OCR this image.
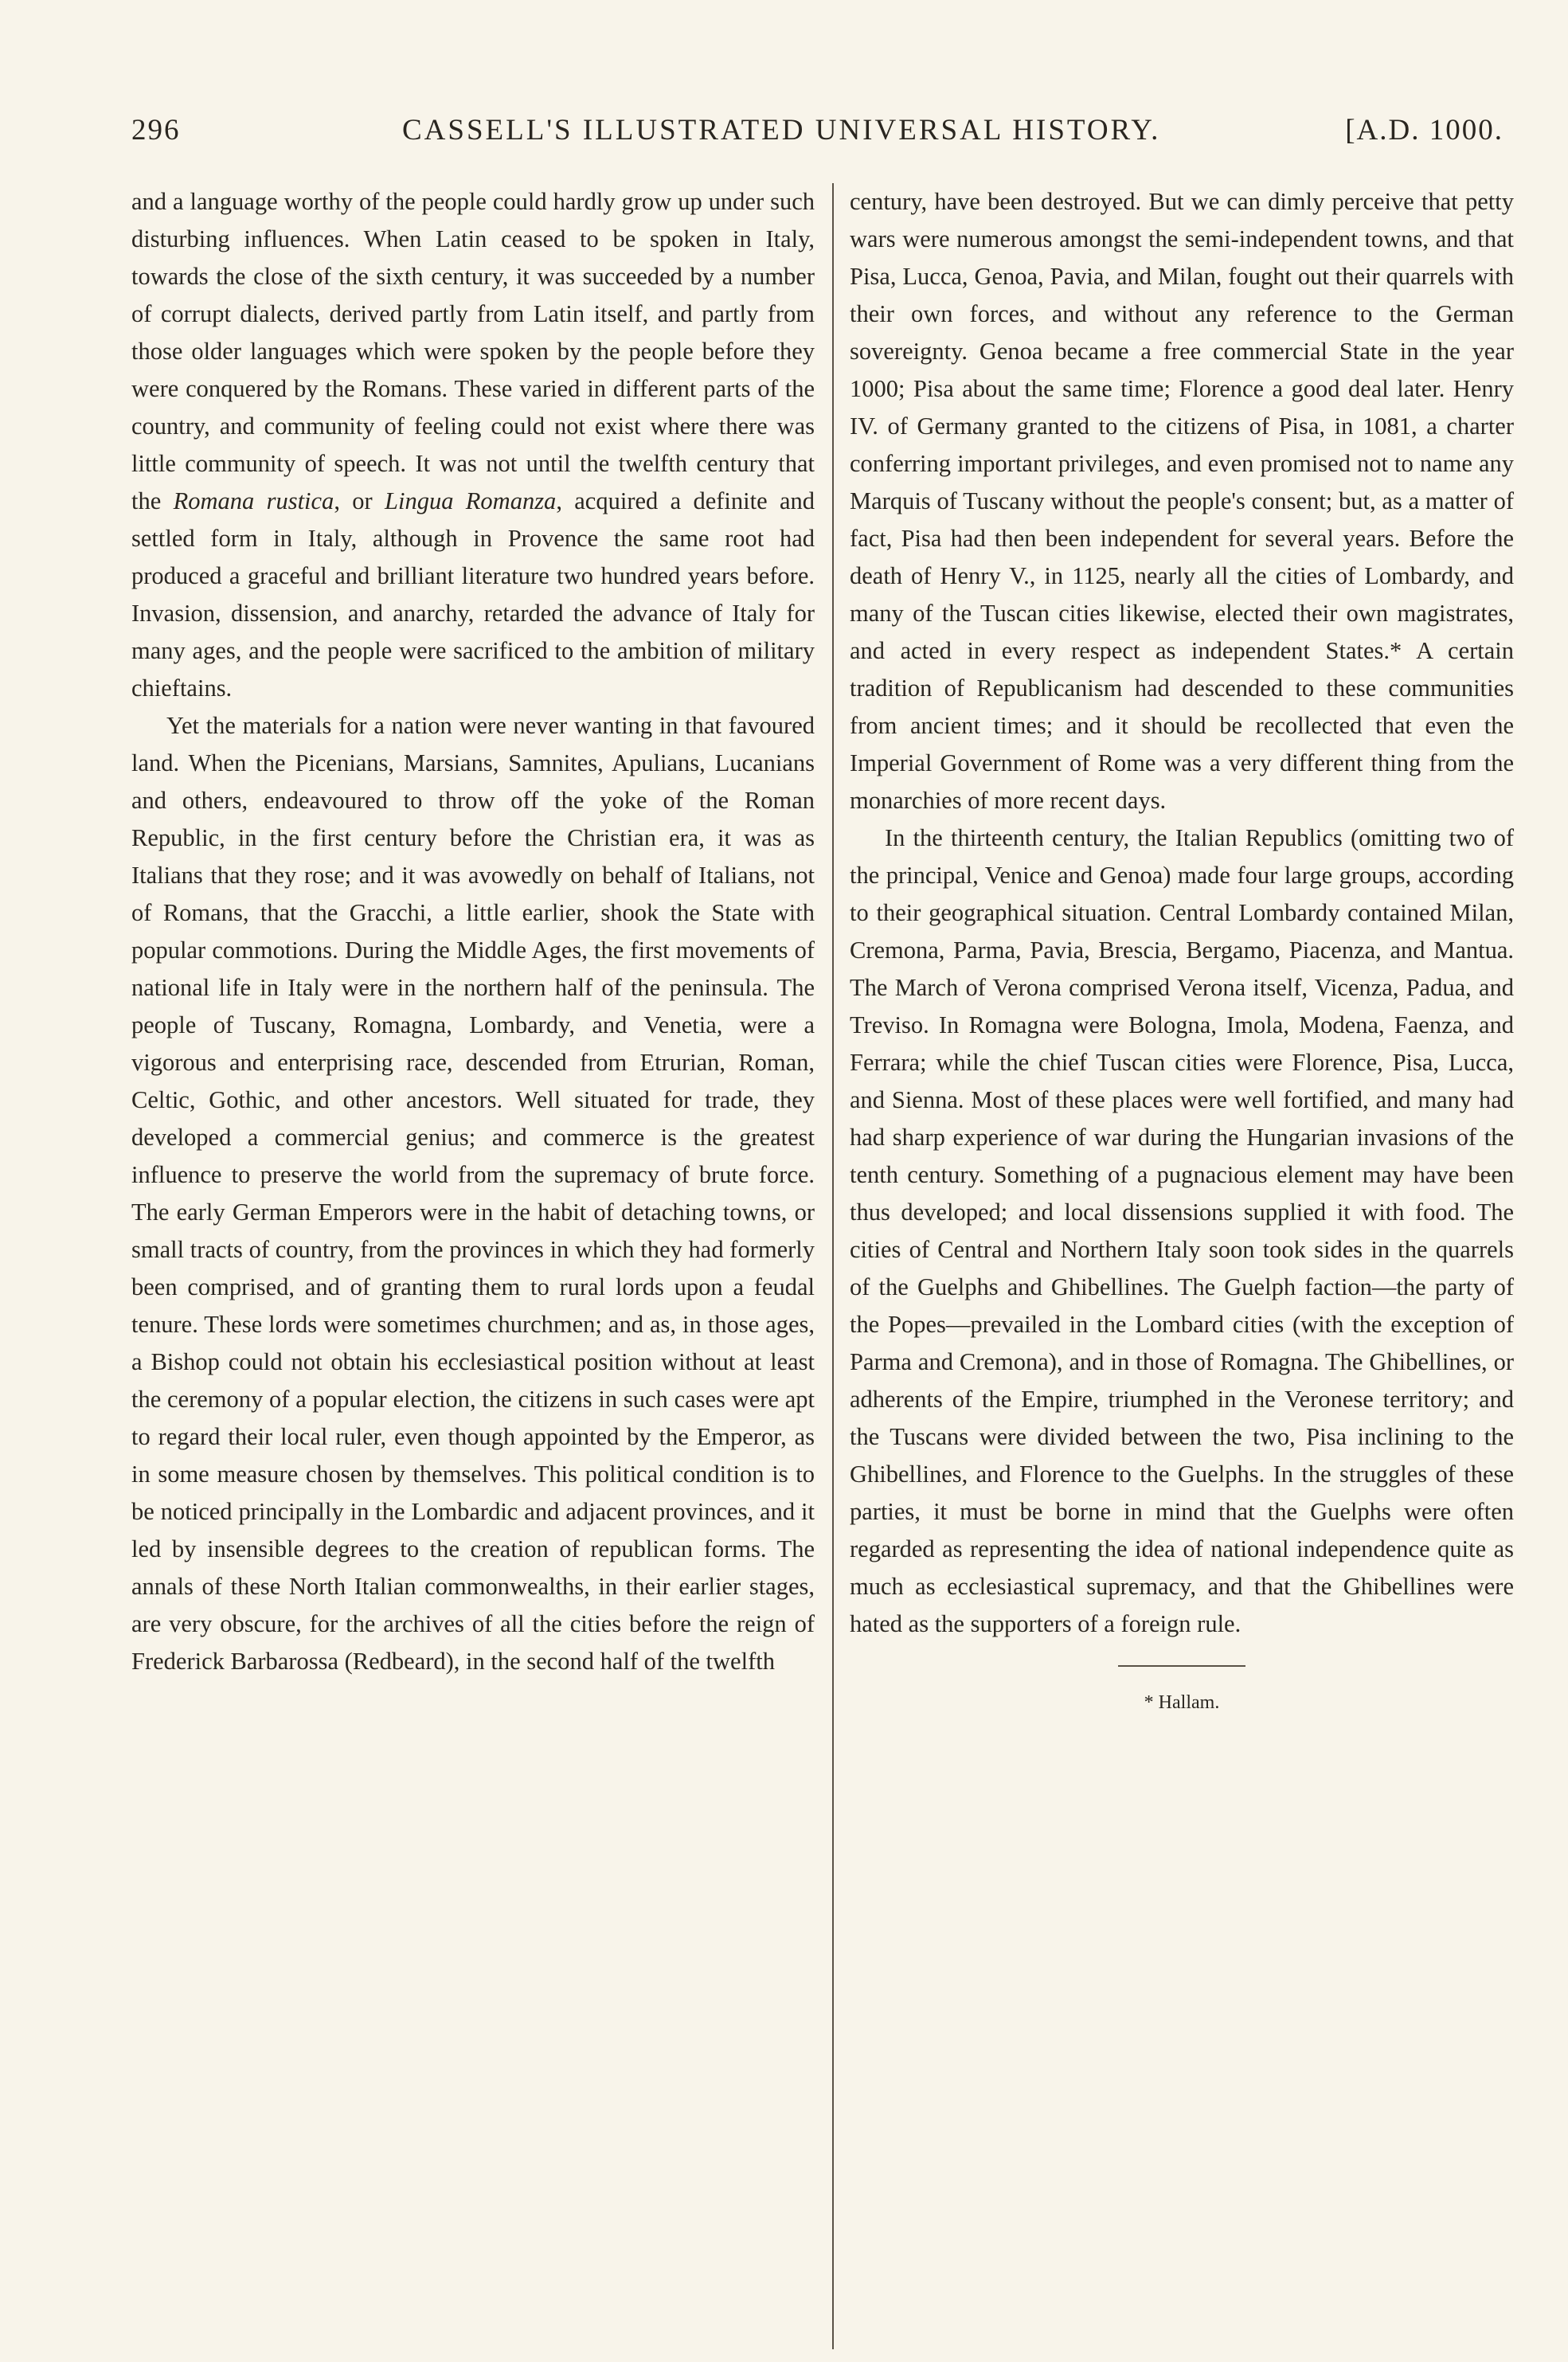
296	CASSELL'S ILLUSTRATED UNIVERSAL HISTORY.	[A.D. 1000.

and a language worthy of the people could hardly grow up under such disturbing influences. When Latin ceased to be spoken in Italy, towards the close of the sixth century, it was succeeded by a number of corrupt dialects, derived partly from Latin itself, and partly from those older languages which were spoken by the people before they were conquered by the Romans. These varied in different parts of the country, and community of feeling could not exist where there was little community of speech. It was not until the twelfth century that the Romana rustica, or Lingua Romanza, acquired a definite and settled form in Italy, although in Provence the same root had produced a graceful and brilliant literature two hundred years before. Invasion, dissension, and anarchy, retarded the advance of Italy for many ages, and the people were sacrificed to the ambition of military chieftains.

Yet the materials for a nation were never wanting in that favoured land. When the Picenians, Marsians, Samnites, Apulians, Lucanians and others, endeavoured to throw off the yoke of the Roman Republic, in the first century before the Christian era, it was as Italians that they rose; and it was avowedly on behalf of Italians, not of Romans, that the Gracchi, a little earlier, shook the State with popular commotions. During the Middle Ages, the first movements of national life in Italy were in the northern half of the peninsula. The people of Tuscany, Romagna, Lombardy, and Venetia, were a vigorous and enterprising race, descended from Etrurian, Roman, Celtic, Gothic, and other ancestors. Well situated for trade, they developed a commercial genius; and commerce is the greatest influence to preserve the world from the supremacy of brute force. The early German Emperors were in the habit of detaching towns, or small tracts of country, from the provinces in which they had formerly been comprised, and of granting them to rural lords upon a feudal tenure. These lords were sometimes churchmen; and as, in those ages, a Bishop could not obtain his ecclesiastical position without at least the ceremony of a popular election, the citizens in such cases were apt to regard their local ruler, even though appointed by the Emperor, as in some measure chosen by themselves. This political condition is to be noticed principally in the Lombardic and adjacent provinces, and it led by insensible degrees to the creation of republican forms. The annals of these North Italian commonwealths, in their earlier stages, are very obscure, for the archives of all the cities before the reign of Frederick Barbarossa (Redbeard), in the second half of the twelfth

century, have been destroyed. But we can dimly perceive that petty wars were numerous amongst the semi-independent towns, and that Pisa, Lucca, Genoa, Pavia, and Milan, fought out their quarrels with their own forces, and without any reference to the German sovereignty. Genoa became a free commercial State in the year 1000; Pisa about the same time; Florence a good deal later. Henry IV. of Germany granted to the citizens of Pisa, in 1081, a charter conferring important privileges, and even promised not to name any Marquis of Tuscany without the people's consent; but, as a matter of fact, Pisa had then been independent for several years. Before the death of Henry V., in 1125, nearly all the cities of Lombardy, and many of the Tuscan cities likewise, elected their own magistrates, and acted in every respect as independent States.* A certain tradition of Republicanism had descended to these communities from ancient times; and it should be recollected that even the Imperial Government of Rome was a very different thing from the monarchies of more recent days.

In the thirteenth century, the Italian Republics (omitting two of the principal, Venice and Genoa) made four large groups, according to their geographical situation. Central Lombardy contained Milan, Cremona, Parma, Pavia, Brescia, Bergamo, Piacenza, and Mantua. The March of Verona comprised Verona itself, Vicenza, Padua, and Treviso. In Romagna were Bologna, Imola, Modena, Faenza, and Ferrara; while the chief Tuscan cities were Florence, Pisa, Lucca, and Sienna. Most of these places were well fortified, and many had had sharp experience of war during the Hungarian invasions of the tenth century. Something of a pugnacious element may have been thus developed; and local dissensions supplied it with food. The cities of Central and Northern Italy soon took sides in the quarrels of the Guelphs and Ghibellines. The Guelph faction—the party of the Popes—prevailed in the Lombard cities (with the exception of Parma and Cremona), and in those of Romagna. The Ghibellines, or adherents of the Empire, triumphed in the Veronese territory; and the Tuscans were divided between the two, Pisa inclining to the Ghibellines, and Florence to the Guelphs. In the struggles of these parties, it must be borne in mind that the Guelphs were often regarded as representing the idea of national independence quite as much as ecclesiastical supremacy, and that the Ghibellines were hated as the supporters of a foreign rule.

* Hallam.
